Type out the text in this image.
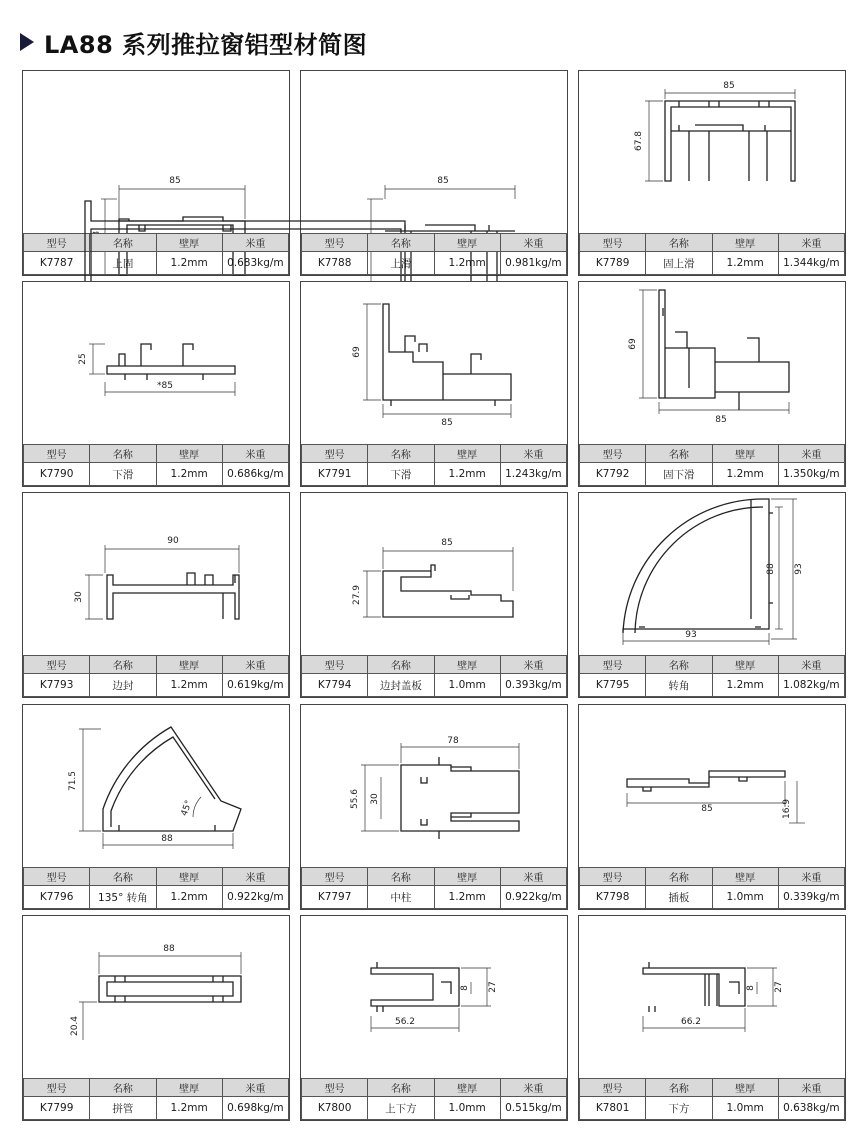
LA88 系列推拉窗铝型材简图
85
型号	名称	壁厚	米重
K7787	上固	1.2mm	0.683kg/m
85
型号	名称	壁厚	米重
K7788	上滑	1.2mm	0.981kg/m
85
67.8
型号	名称	壁厚	米重
K7789	固上滑	1.2mm	1.344kg/m
*85
25
型号	名称	壁厚	米重
K7790	下滑	1.2mm	0.686kg/m
85
69
型号	名称	壁厚	米重
K7791	下滑	1.2mm	1.243kg/m
85
69
型号	名称	壁厚	米重
K7792	固下滑	1.2mm	1.350kg/m
90
30
型号	名称	壁厚	米重
K7793	边封	1.2mm	0.619kg/m
85
27.9
型号	名称	壁厚	米重
K7794	边封盖板	1.0mm	0.393kg/m
93
88 93
型号	名称	壁厚	米重
K7795	转角	1.2mm	1.082kg/m
88
71.5
45°
型号	名称	壁厚	米重
K7796	135° 转角	1.2mm	0.922kg/m
78
55.6 30
型号	名称	壁厚	米重
K7797	中柱	1.2mm	0.922kg/m
85	16.9
型号	名称	壁厚	米重
K7798	插板	1.0mm	0.339kg/m
88
20.4
型号	名称	壁厚	米重
K7799	拼管	1.2mm	0.698kg/m
56.2
27
8
型号	名称	壁厚	米重
K7800	上下方	1.0mm	0.515kg/m
66.2
27
8
型号	名称	壁厚	米重
K7801	下方	1.0mm	0.638kg/m
